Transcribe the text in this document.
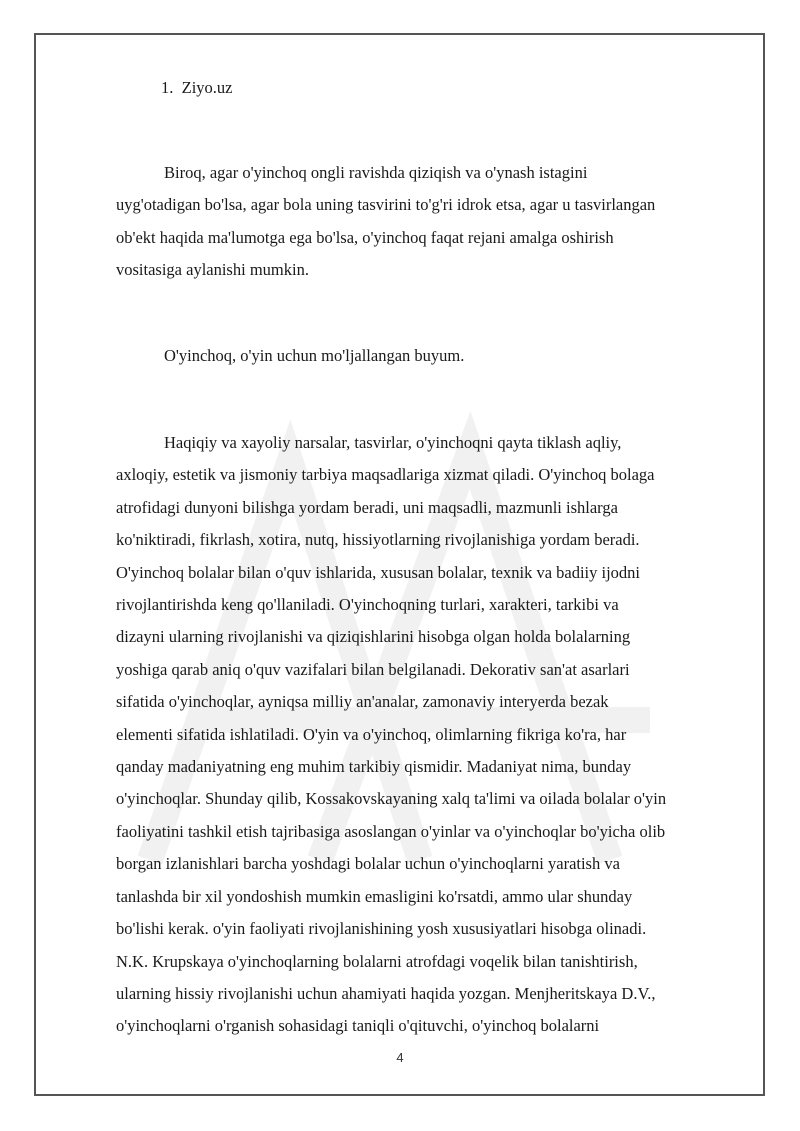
1. Ziyo.uz
Biroq, agar o'yinchoq ongli ravishda qiziqish va o'ynash istagini
uyg'otadigan bo'lsa, agar bola uning tasvirini to'g'ri idrok etsa, agar u tasvirlangan
ob'ekt haqida ma'lumotga ega bo'lsa, o'yinchoq faqat rejani amalga oshirish
vositasiga aylanishi mumkin.
O'yinchoq, o'yin uchun mo'ljallangan buyum.
Haqiqiy va xayoliy narsalar, tasvirlar, o'yinchoqni qayta tiklash aqliy,
axloqiy, estetik va jismoniy tarbiya maqsadlariga xizmat qiladi. O'yinchoq bolaga
atrofidagi dunyoni bilishga yordam beradi, uni maqsadli, mazmunli ishlarga
ko'niktiradi, fikrlash, xotira, nutq, hissiyotlarning rivojlanishiga yordam beradi.
O'yinchoq bolalar bilan o'quv ishlarida, xususan bolalar, texnik va badiiy ijodni
rivojlantirishda keng qo'llaniladi. O'yinchoqning turlari, xarakteri, tarkibi va
dizayni ularning rivojlanishi va qiziqishlarini hisobga olgan holda bolalarning
yoshiga qarab aniq o'quv vazifalari bilan belgilanadi. Dekorativ san'at asarlari
sifatida o'yinchoqlar, ayniqsa milliy an'analar, zamonaviy interyerda bezak
elementi sifatida ishlatiladi. O'yin va o'yinchoq, olimlarning fikriga ko'ra, har
qanday madaniyatning eng muhim tarkibiy qismidir. Madaniyat nima, bunday
o'yinchoqlar. Shunday qilib, Kossakovskayaning xalq ta'limi va oilada bolalar o'yin
faoliyatini tashkil etish tajribasiga asoslangan o'yinlar va o'yinchoqlar bo'yicha olib
borgan izlanishlari barcha yoshdagi bolalar uchun o'yinchoqlarni yaratish va
tanlashda bir xil yondoshish mumkin emasligini ko'rsatdi, ammo ular shunday
bo'lishi kerak. o'yin faoliyati rivojlanishining yosh xususiyatlari hisobga olinadi.
N.K. Krupskaya o'yinchoqlarning bolalarni atrofdagi voqelik bilan tanishtirish,
ularning hissiy rivojlanishi uchun ahamiyati haqida yozgan. Menjheritskaya D.V.,
o'yinchoqlarni o'rganish sohasidagi taniqli o'qituvchi, o'yinchoq bolalarni
4
